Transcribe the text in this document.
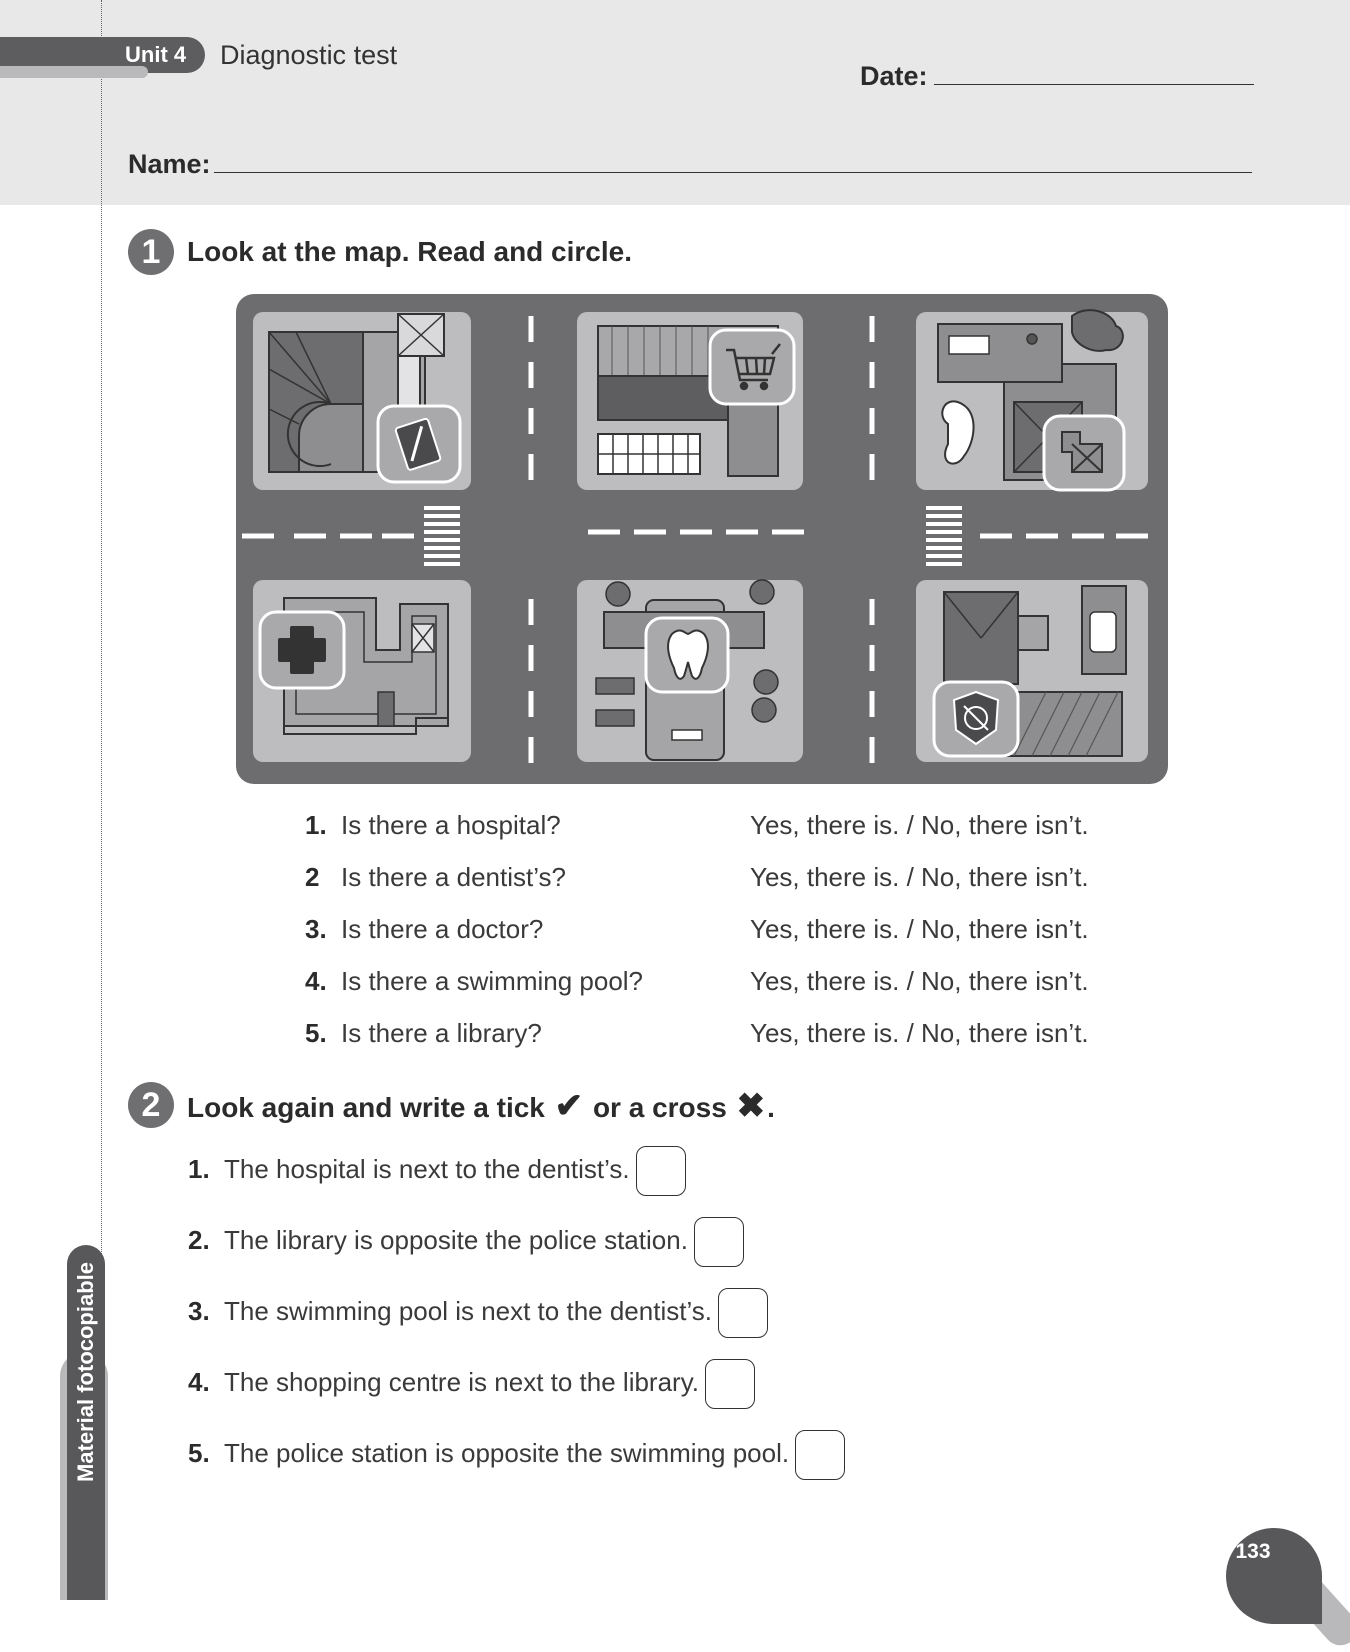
Unit 4 Diagnostic test
Date:
Name:
1 Look at the map. Read and circle.
1. Is there a hospital?	Yes, there is. / No, there isn’t.
2 Is there a dentist’s?	Yes, there is. / No, there isn’t.
3. Is there a doctor?	Yes, there is. / No, there isn’t.
4. Is there a swimming pool?	Yes, there is. / No, there isn’t.
5. Is there a library?	Yes, there is. / No, there isn’t.
2 Look again and write a tick ✔ or a cross ✖.
1. The hospital is next to the dentist’s.
2. The library is opposite the police station.
3. The swimming pool is next to the dentist’s.
4. The shopping centre is next to the library.
5. The police station is opposite the swimming pool.
Material fotocopiable
133
